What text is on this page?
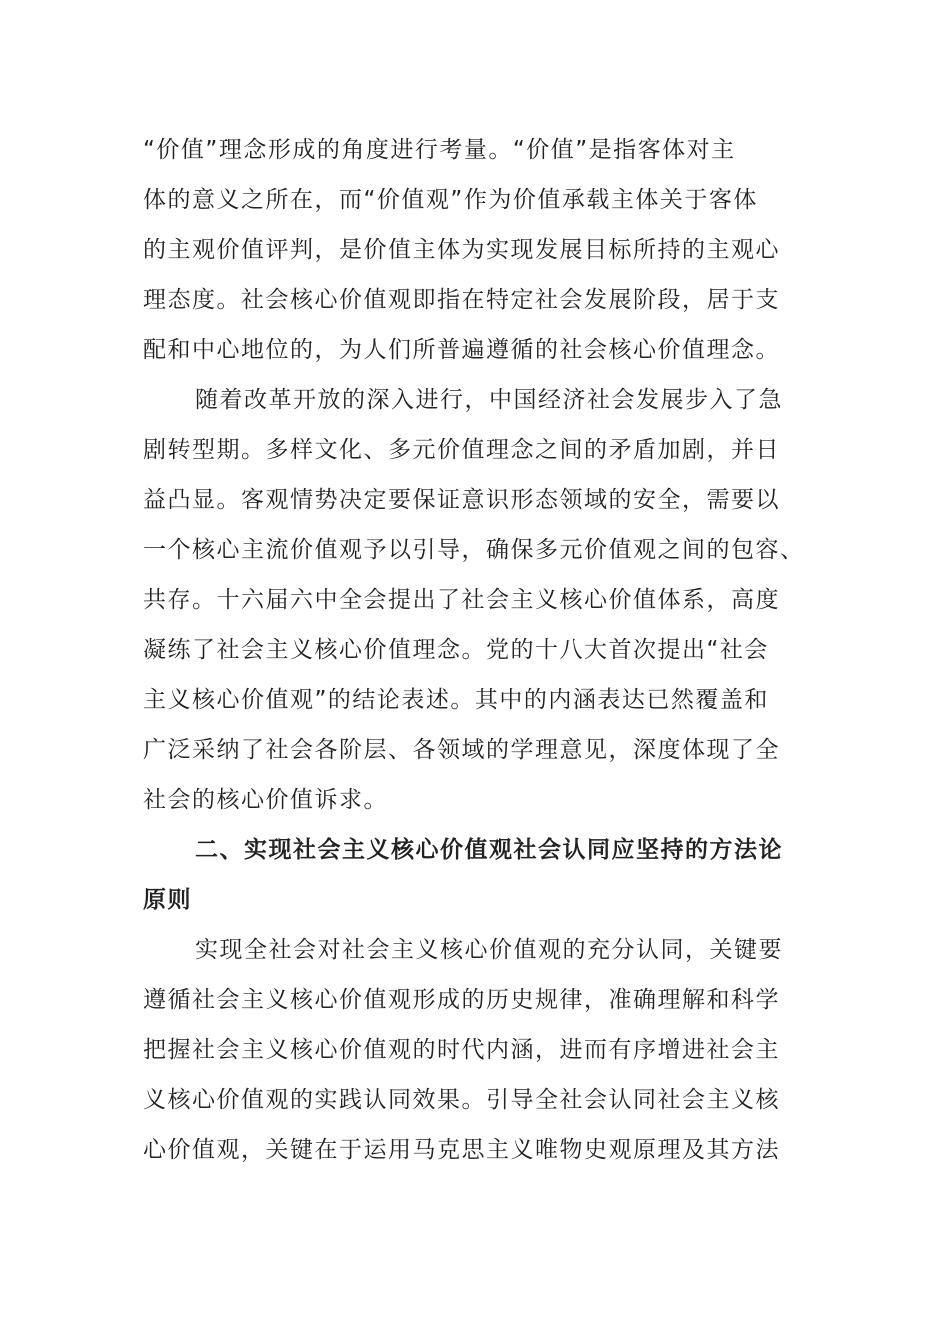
“价值”理念形成的角度进行考量。“价值”是指客体对主
体的意义之所在，而“价值观”作为价值承载主体关于客体
的主观价值评判，是价值主体为实现发展目标所持的主观心
理态度。社会核心价值观即指在特定社会发展阶段，居于支
配和中心地位的，为人们所普遍遵循的社会核心价值理念。

随着改革开放的深入进行，中国经济社会发展步入了急
剧转型期。多样文化、多元价值理念之间的矛盾加剧，并日
益凸显。客观情势决定要保证意识形态领域的安全，需要以
一个核心主流价值观予以引导，确保多元价值观之间的包容、
共存。十六届六中全会提出了社会主义核心价值体系，高度
凝练了社会主义核心价值理念。党的十八大首次提出“社会
主义核心价值观”的结论表述。其中的内涵表达已然覆盖和
广泛采纳了社会各阶层、各领域的学理意见，深度体现了全
社会的核心价值诉求。

二、实现社会主义核心价值观社会认同应坚持的方法论
原则

实现全社会对社会主义核心价值观的充分认同，关键要
遵循社会主义核心价值观形成的历史规律，准确理解和科学
把握社会主义核心价值观的时代内涵，进而有序增进社会主
义核心价值观的实践认同效果。引导全社会认同社会主义核
心价值观，关键在于运用马克思主义唯物史观原理及其方法
